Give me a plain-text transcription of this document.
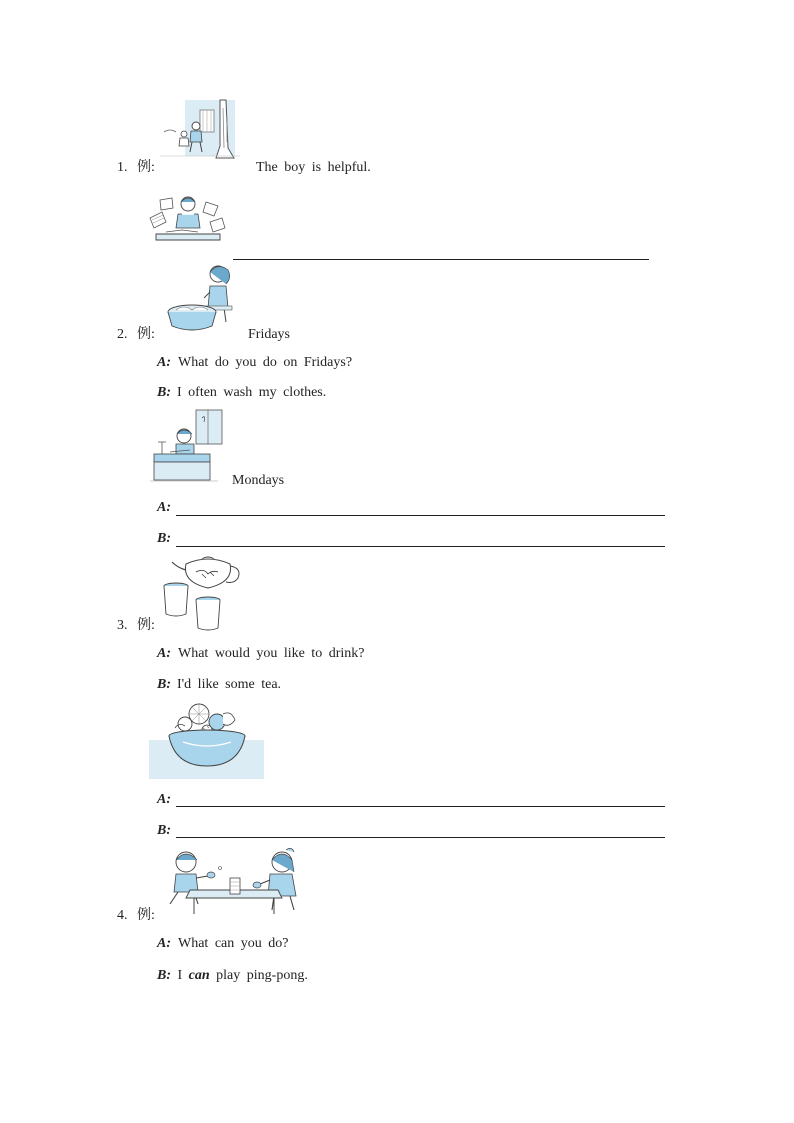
1. 例:	The boy is helpful.
2. 例:	Fridays
A: What do you do on Fridays?
B: I often wash my clothes.
Mondays
A:
B:
3. 例:
A: What would you like to drink?
B: I'd like some tea.
A:
B:
4. 例:
A: What can you do?
B: I can play ping-pong.
